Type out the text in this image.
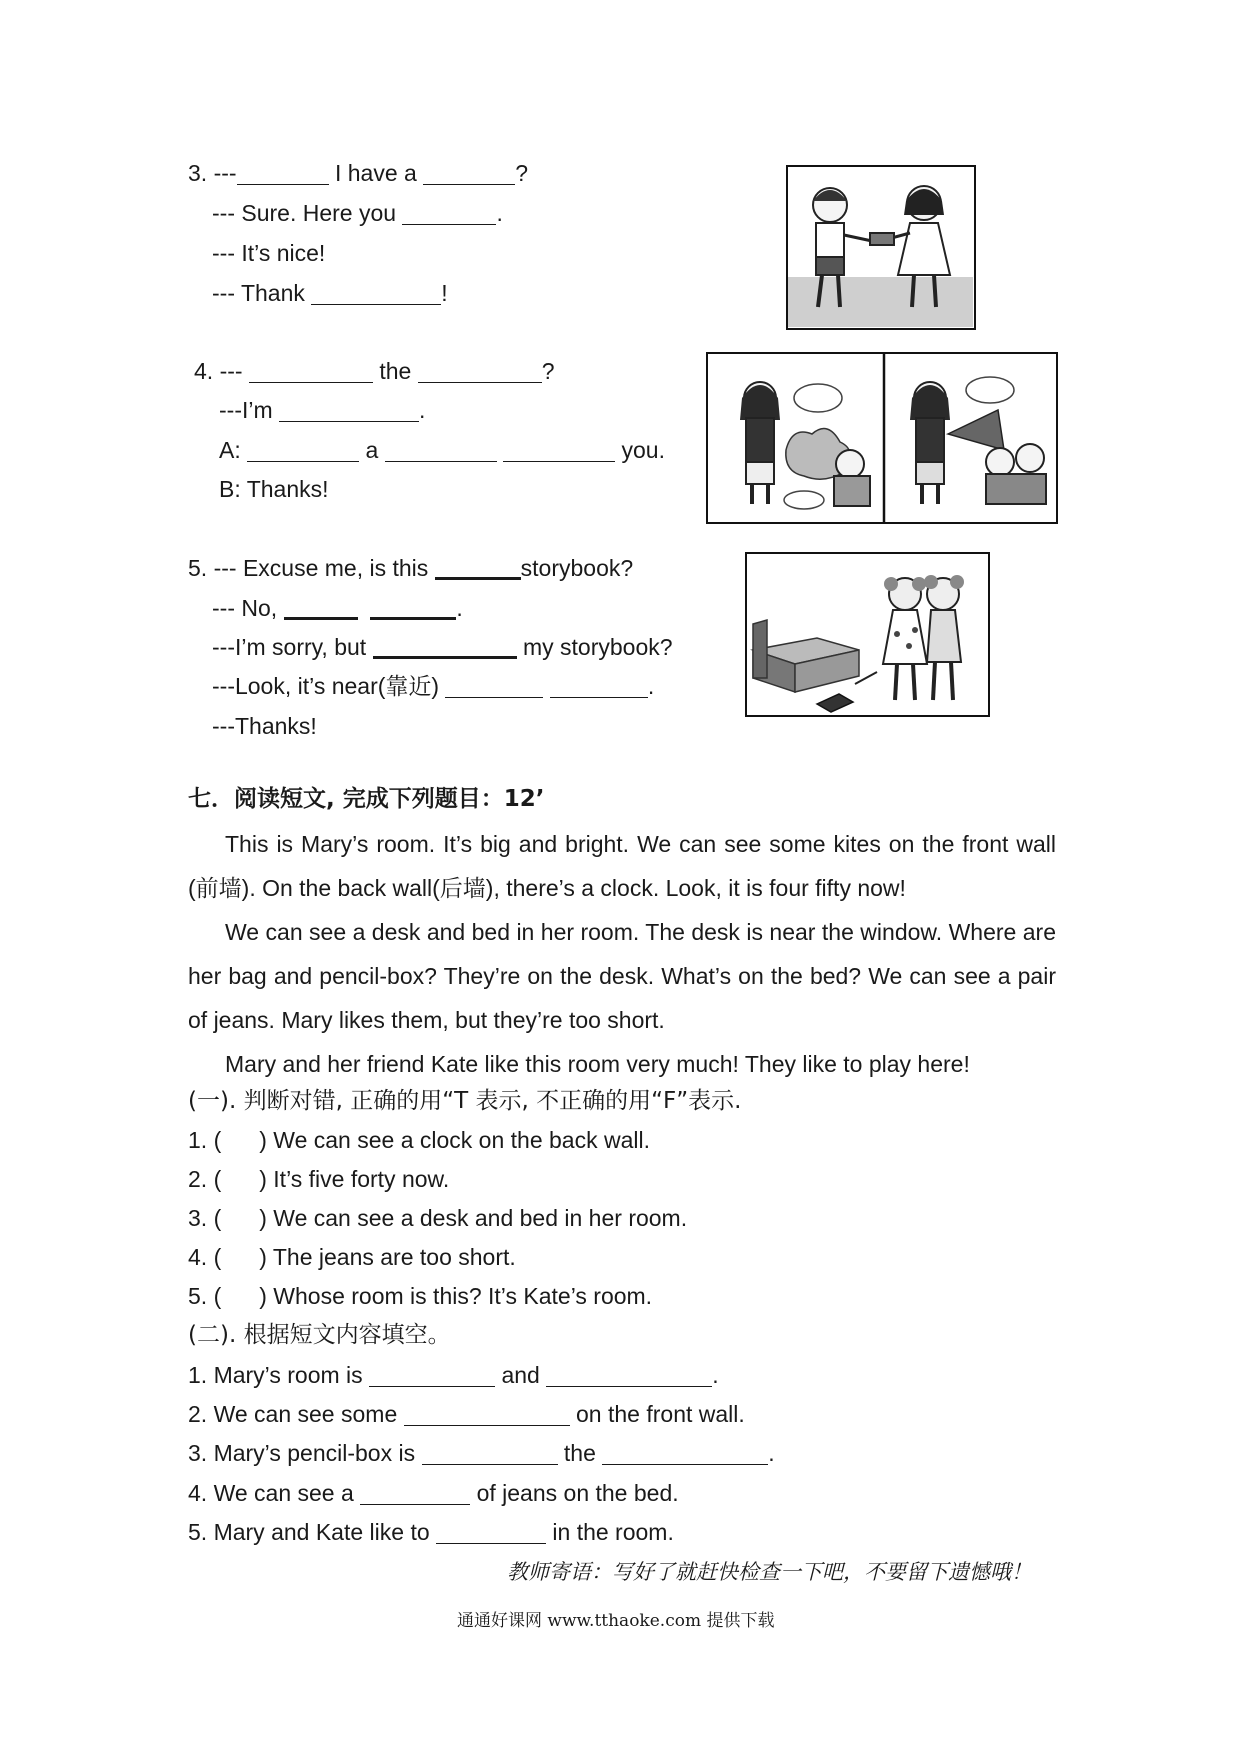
3. ---	I have a	?
--- Sure. Here you	.
--- It’s nice!
--- Thank	!
4. ---	the	?
---I’m	.
A:	a	you.
B: Thanks!
5. --- Excuse me, is this	storybook?
--- No,	.
---I’m sorry, but	my storybook?
---Look, it’s near(靠近)	.
---Thanks!
七．阅读短文, 完成下列题目：12’

This is Mary’s room. It’s big and bright. We can see some kites on the front wall (前墙). On the back wall(后墙), there’s a clock. Look, it is four fifty now!

We can see a desk and bed in her room. The desk is near the window. Where are her bag and pencil-box? They’re on the desk. What’s on the bed? We can see a pair of jeans. Mary likes them, but they’re too short.

Mary and her friend Kate like this room very much! They like to play here!

(一). 判断对错, 正确的用“T 表示, 不正确的用“F”表示.
1. ( ) We can see a clock on the back wall.
2. ( ) It’s five forty now.
3. ( ) We can see a desk and bed in her room.
4. ( ) The jeans are too short.
5. ( ) Whose room is this? It’s Kate’s room.
(二). 根据短文内容填空。
1. Mary’s room is	and	.
2. We can see some	on the front wall.
3. Mary’s pencil-box is	the	.
4. We can see a	of jeans on the bed.
5. Mary and Kate like to	in the room.
教师寄语：写好了就赶快检查一下吧，不要留下遗憾哦！
通通好课网 www.tthaoke.com 提供下载
